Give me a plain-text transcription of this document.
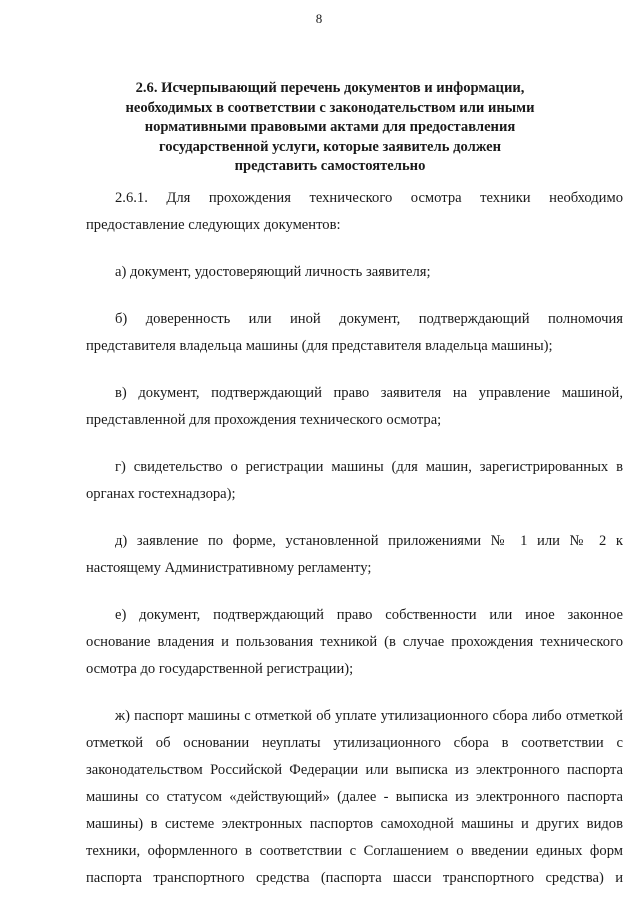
8
2.6. Исчерпывающий перечень документов и информации,
необходимых в соответствии с законодательством или иными
нормативными правовыми актами для предоставления
государственной услуги, которые заявитель должен
представить самостоятельно
2.6.1. Для прохождения технического осмотра техники необходимо
предоставление следующих документов:
а) документ, удостоверяющий личность заявителя;
б) доверенность или иной документ, подтверждающий полномочия
представителя владельца машины (для представителя владельца машины);
в) документ, подтверждающий право заявителя на управление машиной,
представленной для прохождения технического осмотра;
г) свидетельство о регистрации машины (для машин, зарегистрированных в
органах гостехнадзора);
д) заявление по форме, установленной приложениями № 1 или № 2 к
настоящему Административному регламенту;
е) документ, подтверждающий право собственности или иное законное
основание владения и пользования техникой (в случае прохождения технического
осмотра до государственной регистрации);
ж) паспорт машины с отметкой об уплате утилизационного сбора либо отметкой
отметкой об основании неуплаты утилизационного сбора в соответствии с
законодательством Российской Федерации или выписка из электронного паспорта
машины со статусом «действующий» (далее - выписка из электронного паспорта
машины) в системе электронных паспортов самоходной машины и других видов
техники, оформленного в соответствии с Соглашением о введении единых форм
паспорта транспортного средства (паспорта шасси транспортного средства) и
